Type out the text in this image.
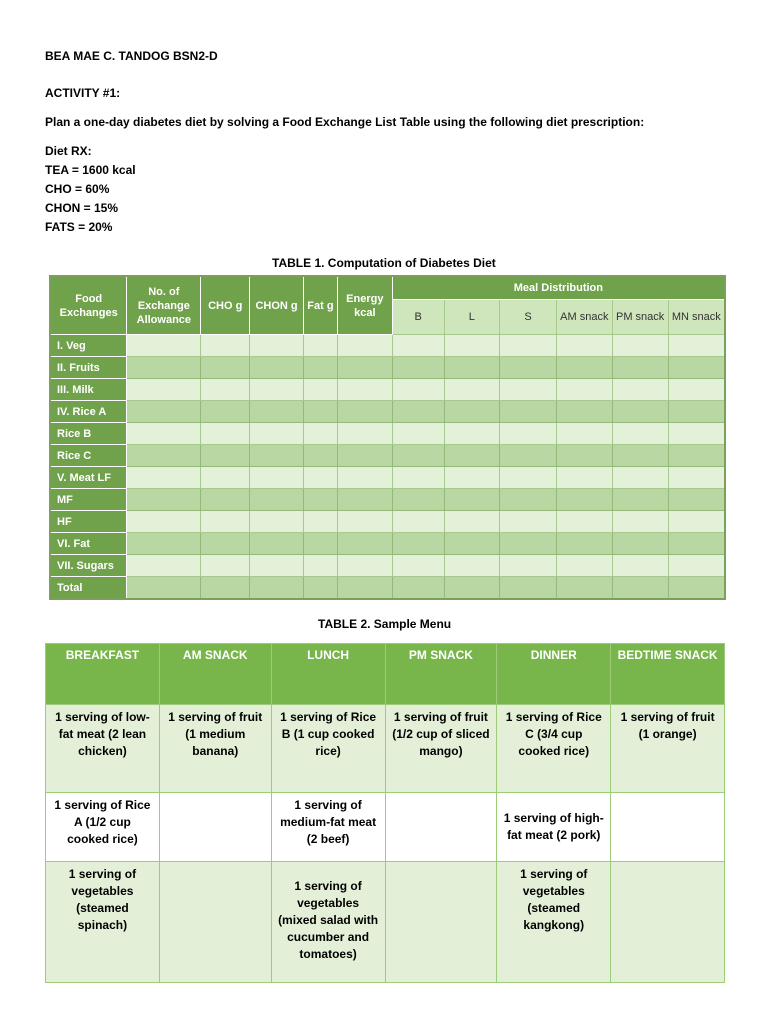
BEA MAE C. TANDOG BSN2-D
ACTIVITY #1:
Plan a one-day diabetes diet by solving a Food Exchange List Table using the following diet prescription:
Diet RX:
TEA = 1600 kcal
CHO = 60%
CHON = 15%
FATS = 20%
TABLE 1. Computation of Diabetes Diet
Food Exchanges	No. of Exchange Allowance	CHO g	CHON g	Fat g	Energy kcal	Meal Distribution					
						B	L	S	AM snack	PM snack	MN snack
I. Veg											
II. Fruits											
III. Milk											
IV. Rice A											
Rice B											
Rice C											
V. Meat LF											
MF											
HF											
VI. Fat											
VII. Sugars											
Total											
TABLE 2. Sample Menu
BREAKFAST	AM SNACK	LUNCH	PM SNACK	DINNER	BEDTIME SNACK
1 serving of low-fat meat (2 lean chicken)	1 serving of fruit (1 medium banana)	1 serving of Rice B (1 cup cooked rice)	1 serving of fruit (1/2 cup of sliced mango)	1 serving of Rice C (3/4 cup cooked rice)	1 serving of fruit (1 orange)
1 serving of Rice A (1/2 cup cooked rice)		1 serving of medium-fat meat (2 beef)		1 serving of high-fat meat (2 pork)	
1 serving of vegetables (steamed spinach)		1 serving of vegetables (mixed salad with cucumber and tomatoes)		1 serving of vegetables (steamed kangkong)	
